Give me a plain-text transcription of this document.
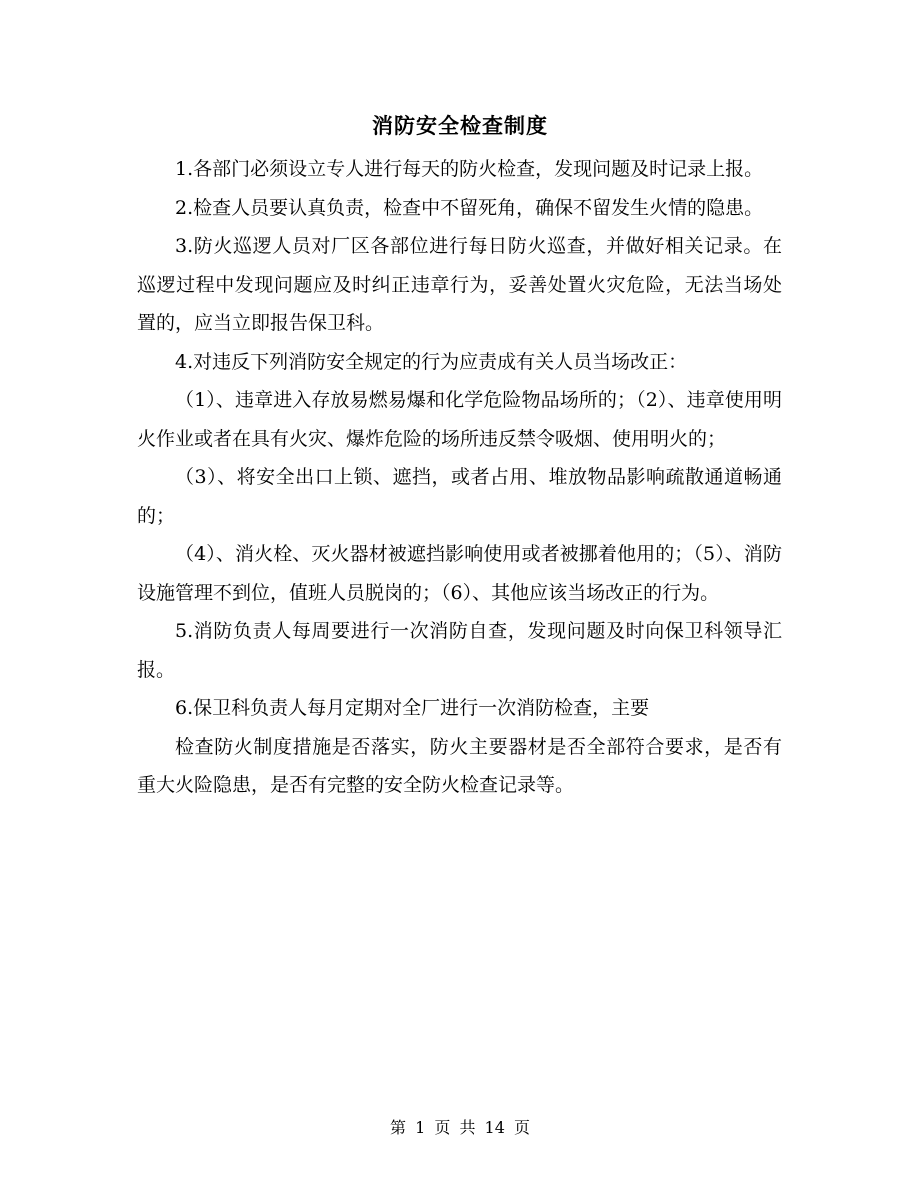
消防安全检查制度

1.各部门必须设立专人进行每天的防火检查，发现问题及时记录上报。

2.检查人员要认真负责，检查中不留死角，确保不留发生火情的隐患。

3.防火巡逻人员对厂区各部位进行每日防火巡查，并做好相关记录。在巡逻过程中发现问题应及时纠正违章行为，妥善处置火灾危险，无法当场处置的，应当立即报告保卫科。

4.对违反下列消防安全规定的行为应责成有关人员当场改正：

（1）、违章进入存放易燃易爆和化学危险物品场所的；（2）、违章使用明火作业或者在具有火灾、爆炸危险的场所违反禁令吸烟、使用明火的；

（3）、将安全出口上锁、遮挡，或者占用、堆放物品影响疏散通道畅通的；

（4）、消火栓、灭火器材被遮挡影响使用或者被挪着他用的；（5）、消防设施管理不到位，值班人员脱岗的；（6）、其他应该当场改正的行为。

5.消防负责人每周要进行一次消防自查，发现问题及时向保卫科领导汇报。

6.保卫科负责人每月定期对全厂进行一次消防检查，主要

检查防火制度措施是否落实，防火主要器材是否全部符合要求，是否有重大火险隐患，是否有完整的安全防火检查记录等。

第 1 页 共 14 页
